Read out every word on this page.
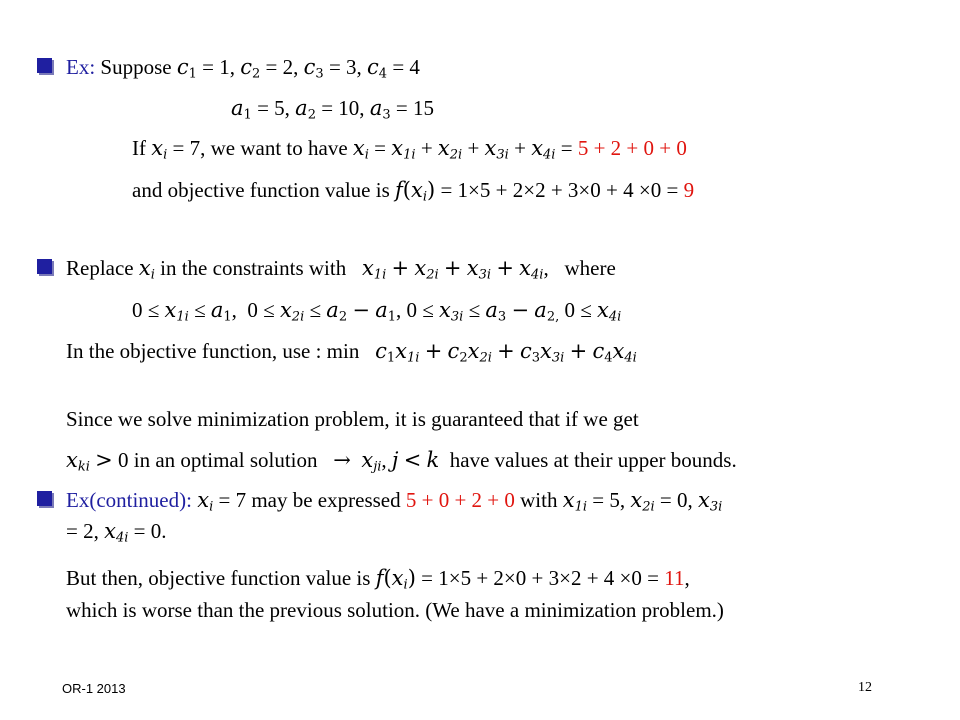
Ex: Suppose $c_1 = 1$, $c_2 = 2$, $c_3 = 3$, $c_4 = 4$
$a_1 = 5$, $a_2 = 10$, $a_3 = 15$
If $x_i = 7$, we want to have $x_i = x_{1i} + x_{2i} + x_{3i} + x_{4i} = 5 + 2 + 0 + 0$
and objective function value is $f(x_i) = 1\times 5 + 2\times 2 + 3\times 0 + 4 \times 0 = 9$
Replace $x_i$ in the constraints with $x_{1i} + x_{2i} + x_{3i} + x_{4i}$, where
$0 \le x_{1i} \le a_1$, $0 \le x_{2i} \le a_2 - a_1$, $0 \le x_{3i} \le a_3 - a_{2,}$ $0 \le x_{4i}$
In the objective function, use : $\min c_1x_{1i} + c_2x_{2i} + c_3x_{3i} + c_4x_{4i}$
Since we solve minimization problem, it is guaranteed that if we get
$x_{ki} > 0$ in an optimal solution → $x_{ji}$, j < k have values at their upper bounds.
Ex(continued): $x_i = 7$ may be expressed 5 + 0 + 2 + 0 with $x_{1i} = 5$, $x_{2i} = 0$, $x_{3i}$
= 2, $x_{4i} = 0$.
But then, objective function value is $f(x_i) = 1\times 5 + 2\times 0 + 3\times 2 + 4 \times 0 = 11$,
which is worse than the previous solution. (We have a minimization problem.)
OR-1 2013	12
